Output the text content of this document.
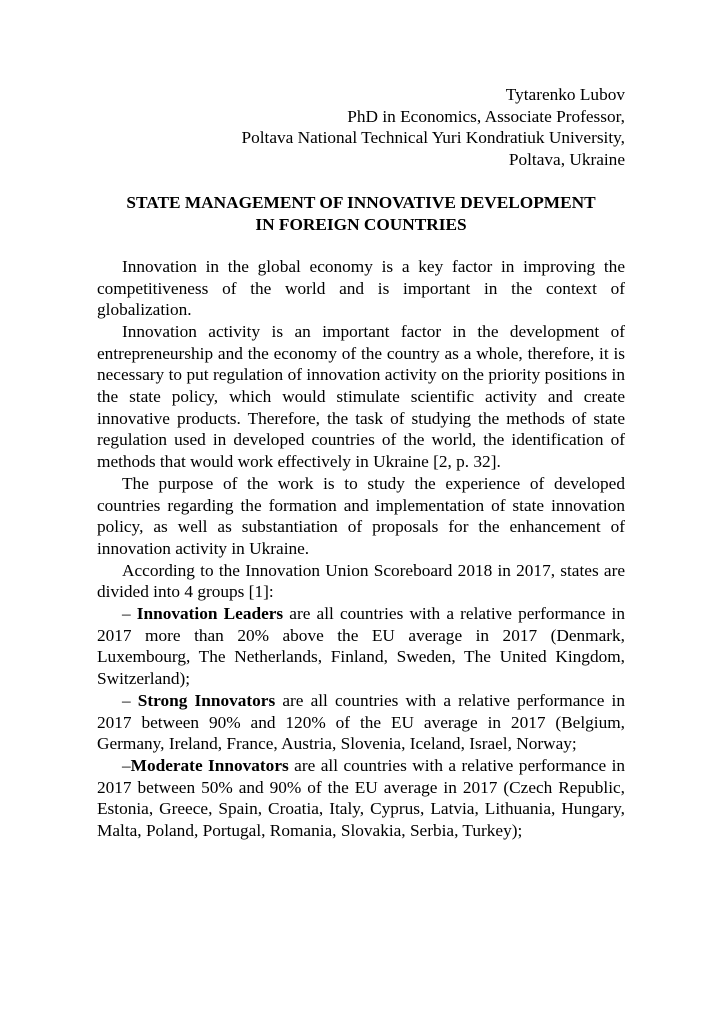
Tytarenko Lubov
PhD in Economics, Associate Professor,
Poltava National Technical Yuri Kondratiuk University,
Poltava, Ukraine
STATE MANAGEMENT OF INNOVATIVE DEVELOPMENT
IN FOREIGN COUNTRIES

Innovation in the global economy is a key factor in improving the competitiveness of the world and is important in the context of globalization.

Innovation activity is an important factor in the development of entrepreneurship and the economy of the country as a whole, therefore, it is necessary to put regulation of innovation activity on the priority positions in the state policy, which would stimulate scientific activity and create innovative products. Therefore, the task of studying the methods of state regulation used in developed countries of the world, the identification of methods that would work effectively in Ukraine [2, p. 32].

The purpose of the work is to study the experience of developed countries regarding the formation and implementation of state innovation policy, as well as substantiation of proposals for the enhancement of innovation activity in Ukraine.

According to the Innovation Union Scoreboard 2018 in 2017, states are divided into 4 groups [1]:

– Innovation Leaders are all countries with a relative performance in 2017 more than 20% above the EU average in 2017 (Denmark, Luxembourg, The Netherlands, Finland, Sweden, The United Kingdom, Switzerland);

– Strong Innovators are all countries with a relative performance in 2017 between 90% and 120% of the EU average in 2017 (Belgium, Germany, Ireland, France, Austria, Slovenia, Iceland, Israel, Norway;

–Moderate Innovators are all countries with a relative performance in 2017 between 50% and 90% of the EU average in 2017 (Czech Republic, Estonia, Greece, Spain, Croatia, Italy, Cyprus, Latvia, Lithuania, Hungary, Malta, Poland, Portugal, Romania, Slovakia, Serbia, Turkey);
